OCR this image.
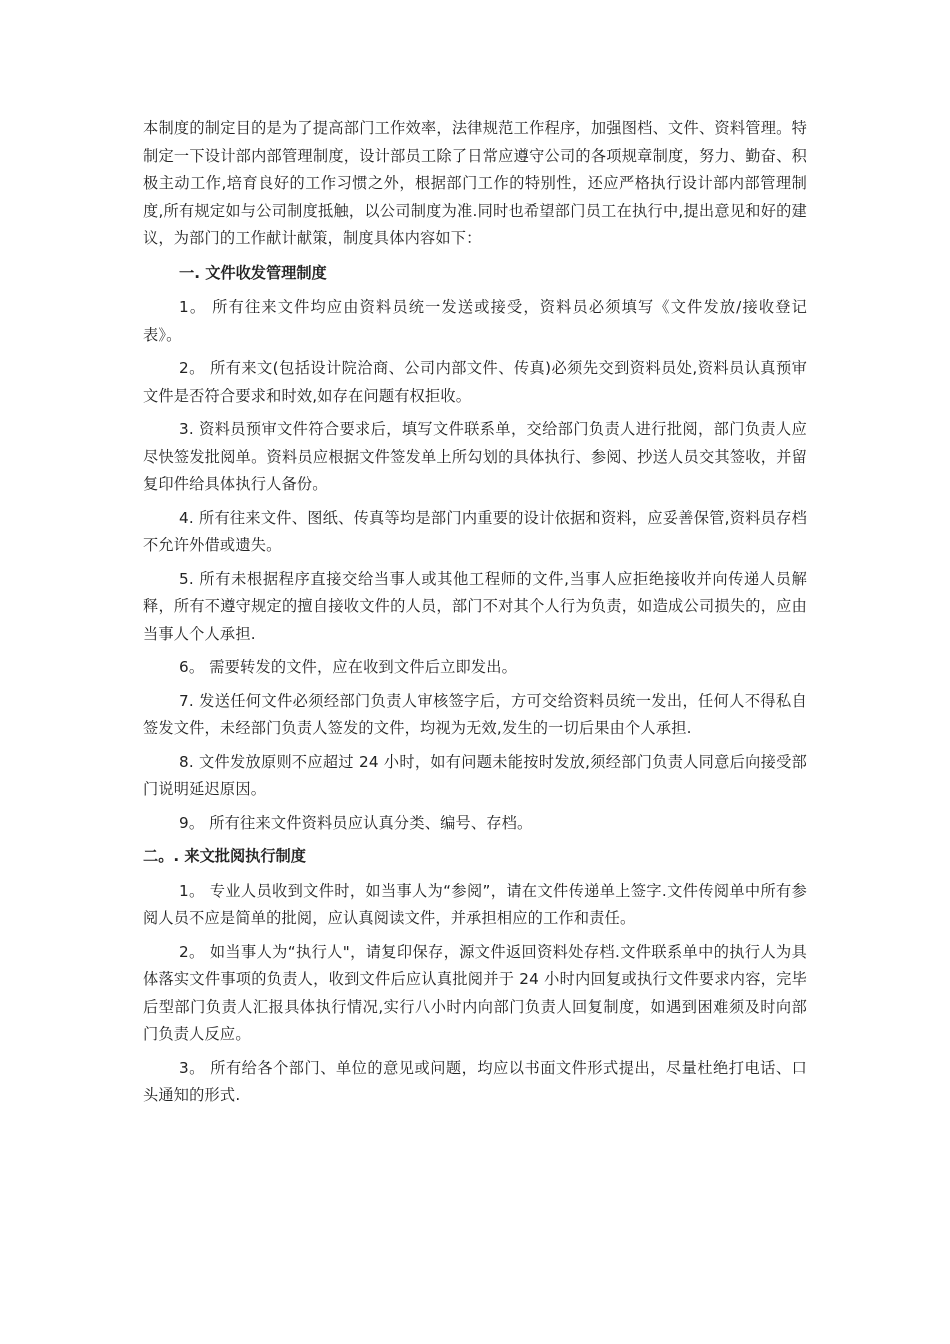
本制度的制定目的是为了提高部门工作效率，法律规范工作程序，加强图档、文件、资料管理。特制定一下设计部内部管理制度，设计部员工除了日常应遵守公司的各项规章制度，努力、勤奋、积极主动工作,培育良好的工作习惯之外，根据部门工作的特别性，还应严格执行设计部内部管理制度,所有规定如与公司制度抵触，以公司制度为准.同时也希望部门员工在执行中,提出意见和好的建议，为部门的工作献计献策，制度具体内容如下：

一. 文件收发管理制度

1。 所有往来文件均应由资料员统一发送或接受，资料员必须填写《文件发放/接收登记表》。

2。 所有来文(包括设计院洽商、公司内部文件、传真)必须先交到资料员处,资料员认真预审文件是否符合要求和时效,如存在问题有权拒收。

3. 资料员预审文件符合要求后，填写文件联系单，交给部门负责人进行批阅，部门负责人应尽快签发批阅单。资料员应根据文件签发单上所勾划的具体执行、参阅、抄送人员交其签收，并留复印件给具体执行人备份。

4. 所有往来文件、图纸、传真等均是部门内重要的设计依据和资料，应妥善保管,资料员存档不允许外借或遗失。

5. 所有未根据程序直接交给当事人或其他工程师的文件,当事人应拒绝接收并向传递人员解释，所有不遵守规定的擅自接收文件的人员，部门不对其个人行为负责，如造成公司损失的，应由当事人个人承担.

6。 需要转发的文件，应在收到文件后立即发出。

7. 发送任何文件必须经部门负责人审核签字后，方可交给资料员统一发出，任何人不得私自签发文件，未经部门负责人签发的文件，均视为无效,发生的一切后果由个人承担.

8. 文件发放原则不应超过 24 小时，如有问题未能按时发放,须经部门负责人同意后向接受部门说明延迟原因。

9。 所有往来文件资料员应认真分类、编号、存档。

二。. 来文批阅执行制度

1。 专业人员收到文件时，如当事人为“参阅”，请在文件传递单上签字.文件传阅单中所有参阅人员不应是简单的批阅，应认真阅读文件，并承担相应的工作和责任。

2。 如当事人为“执行人"，请复印保存，源文件返回资料处存档.文件联系单中的执行人为具体落实文件事项的负责人，收到文件后应认真批阅并于 24 小时内回复或执行文件要求内容，完毕后型部门负责人汇报具体执行情况,实行八小时内向部门负责人回复制度，如遇到困难须及时向部门负责人反应。

3。 所有给各个部门、单位的意见或问题，均应以书面文件形式提出，尽量杜绝打电话、口头通知的形式.
